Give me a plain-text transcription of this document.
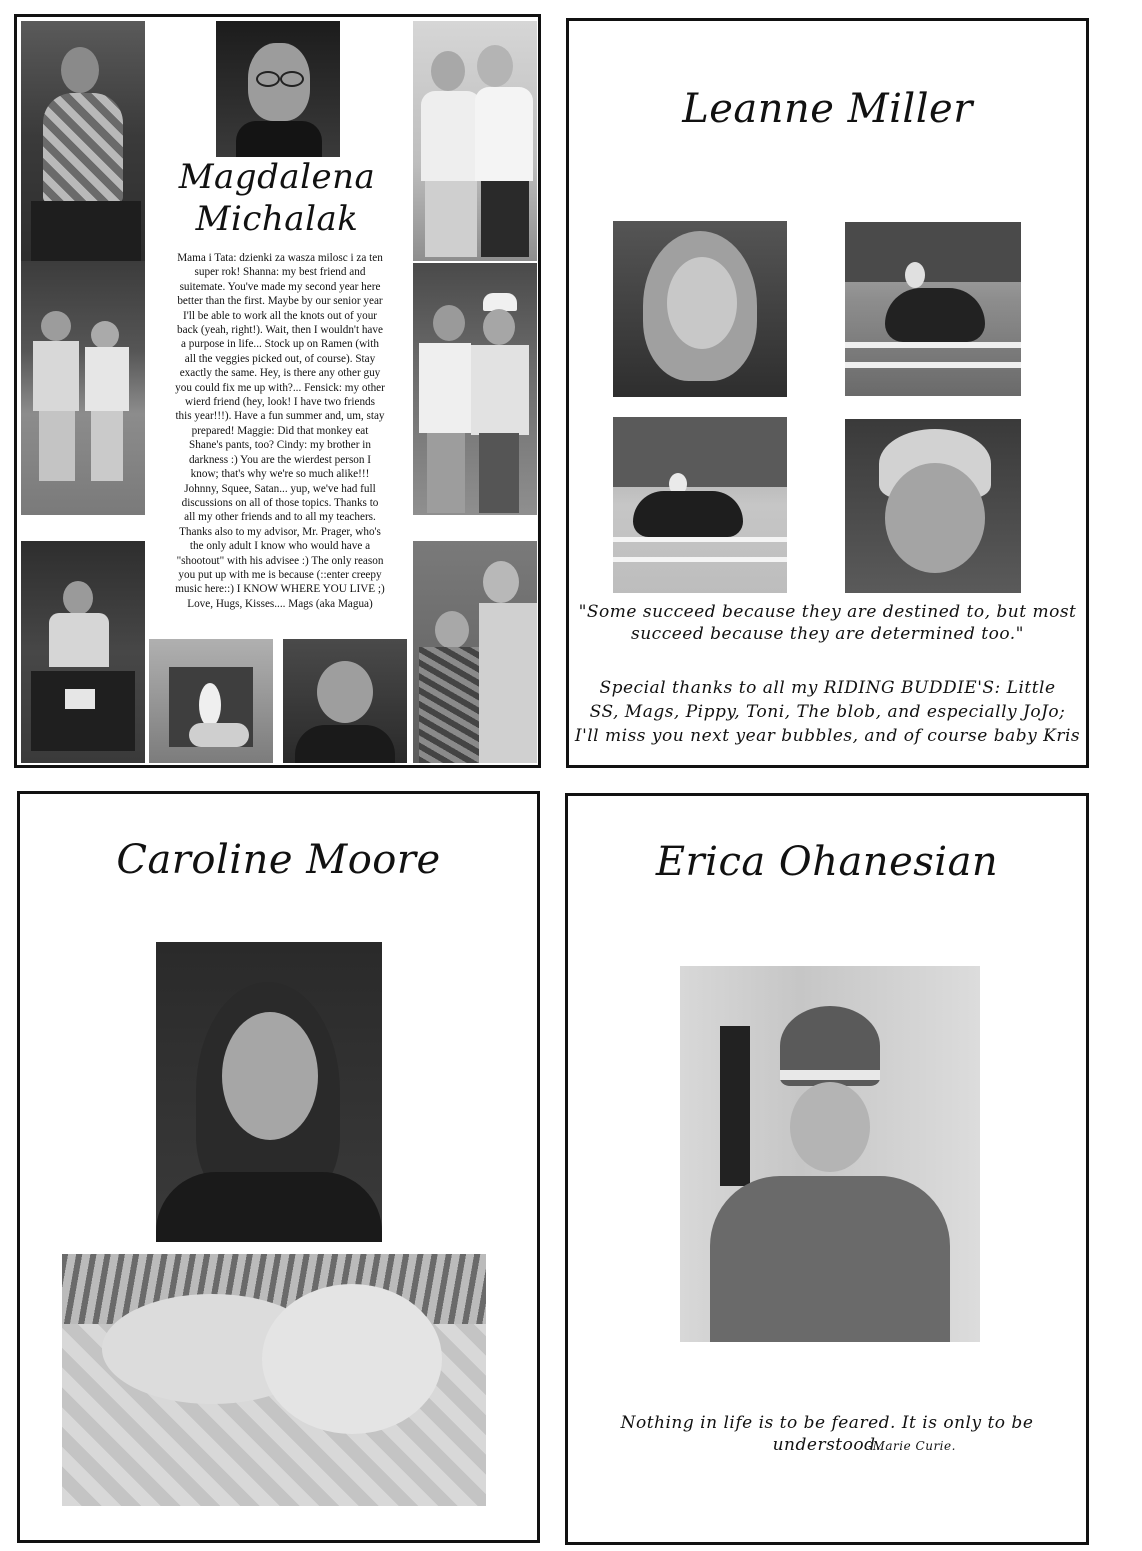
Magdalena
Michalak
Mama i Tata: dzienki za wasza milosc i za ten
super rok! Shanna: my best friend and
suitemate. You've made my second year here
better than the first. Maybe by our senior year
I'll be able to work all the knots out of your
back (yeah, right!). Wait, then I wouldn't have
a purpose in life... Stock up on Ramen (with
all the veggies picked out, of course). Stay
exactly the same. Hey, is there any other guy
you could fix me up with?... Fensick: my other
wierd friend (hey, look! I have two friends
this year!!!). Have a fun summer and, um, stay
prepared! Maggie: Did that monkey eat
Shane's pants, too? Cindy: my brother in
darkness :) You are the wierdest person I
know; that's why we're so much alike!!!
Johnny, Squee, Satan... yup, we've had full
discussions on all of those topics. Thanks to
all my other friends and to all my teachers.
Thanks also to my advisor, Mr. Prager, who's
the only adult I know who would have a
"shootout" with his advisee :) The only reason
you put up with me is because (::enter creepy
music here::) I KNOW WHERE YOU LIVE ;)
Love, Hugs, Kisses.... Mags (aka Magua)
Leanne Miller
"Some succeed because they are destined to, but most
succeed because they are determined too."
Special thanks to all my RIDING BUDDIE'S: Little
SS, Mags, Pippy, Toni, The blob, and especially JoJo;
I'll miss you next year bubbles, and of course baby Kris
Caroline Moore	Erica Ohanesian
Nothing in life is to be feared. It is only to be understood.
-Marie Curie.
